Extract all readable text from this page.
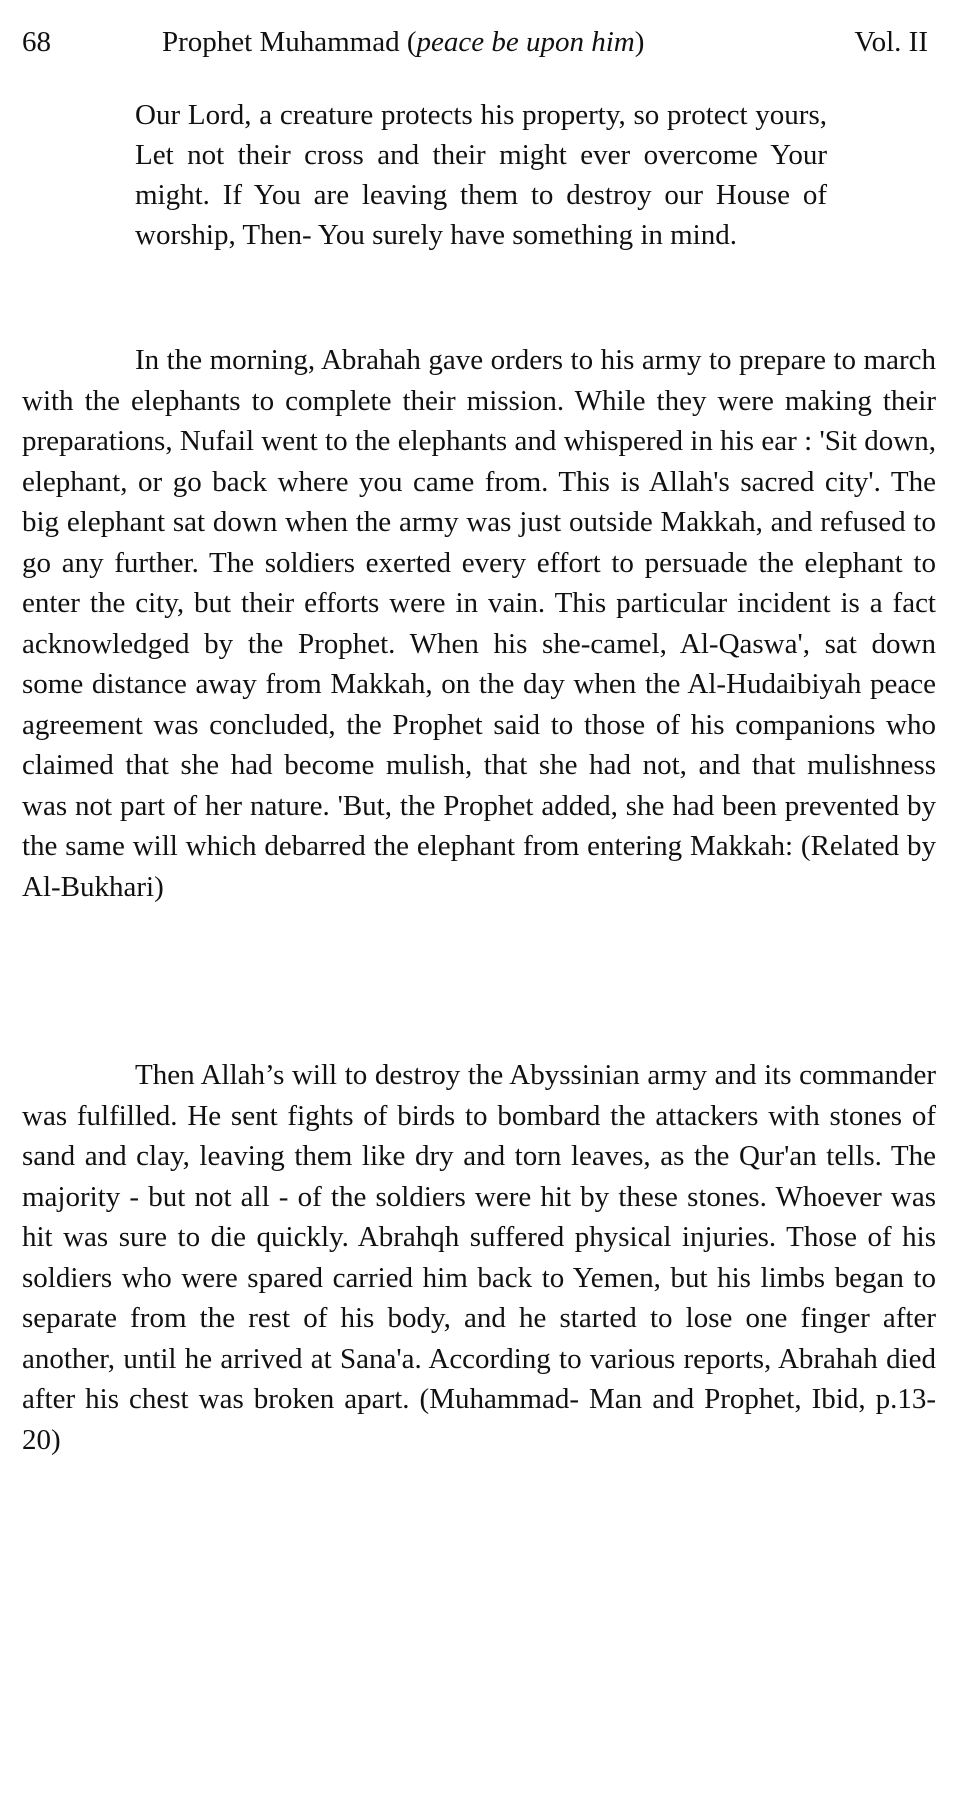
68	Prophet Muhammad (peace be upon him)	Vol. II
Our Lord, a creature protects his property, so protect yours, Let not their cross and their might ever overcome Your might. If You are leaving them to destroy our House of worship, Then- You surely have something in mind.

In the morning, Abrahah gave orders to his army to prepare to march with the elephants to complete their mission. While they were making their preparations, Nufail went to the elephants and whispered in his ear : 'Sit down, elephant, or go back where you came from. This is Allah's sacred city'. The big elephant sat down when the army was just outside Makkah, and refused to go any further. The soldiers exerted every effort to persuade the elephant to enter the city, but their efforts were in vain. This particular incident is a fact acknowledged by the Prophet. When his she-camel, Al-Qaswa', sat down some distance away from Makkah, on the day when the Al-Hudaibiyah peace agreement was concluded, the Prophet said to those of his companions who claimed that she had become mulish, that she had not, and that mulishness was not part of her nature. 'But, the Prophet added, she had been prevented by the same will which debarred the elephant from entering Makkah: (Related by Al-Bukhari)

Then Allah’s will to destroy the Abyssinian army and its commander was fulfilled. He sent fights of birds to bombard the attackers with stones of sand and clay, leaving them like dry and torn leaves, as the Qur'an tells. The majority - but not all - of the soldiers were hit by these stones. Whoever was hit was sure to die quickly. Abrahqh suffered physical injuries. Those of his soldiers who were spared carried him back to Yemen, but his limbs began to separate from the rest of his body, and he started to lose one finger after another, until he arrived at Sana'a. According to various reports, Abrahah died after his chest was broken apart. (Muhammad- Man and Prophet, Ibid, p.13-20)
